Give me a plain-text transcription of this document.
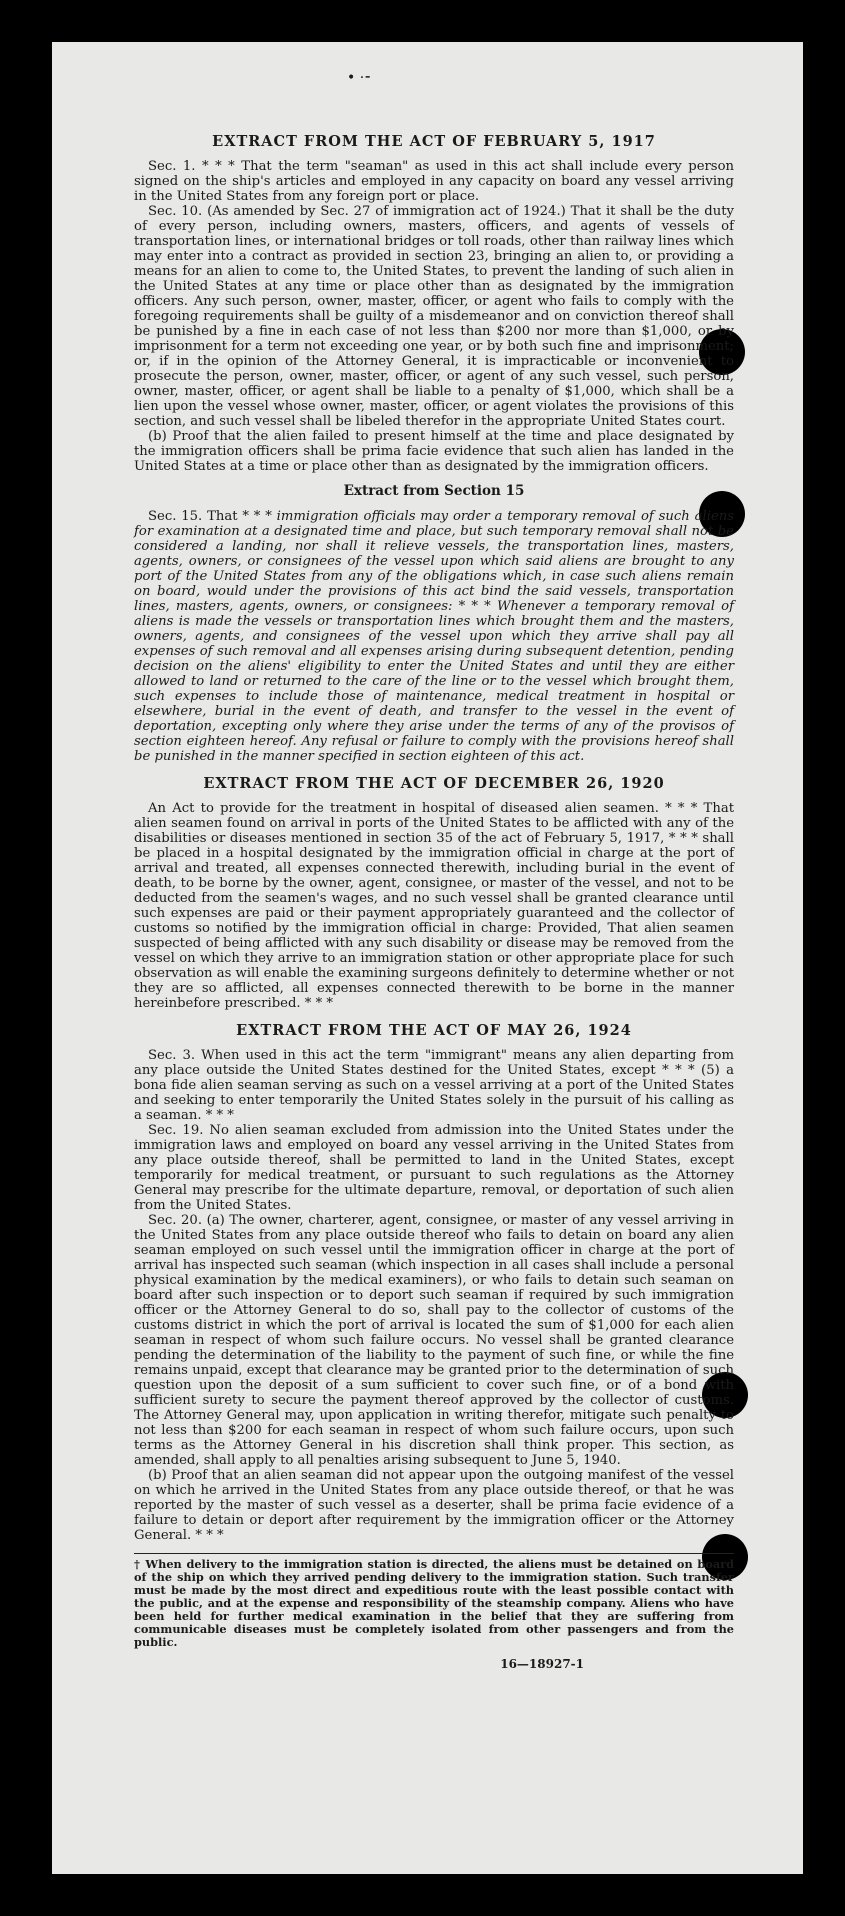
• ·⁃
EXTRACT FROM THE ACT OF FEBRUARY 5, 1917

Sec. 1. * * * That the term "seaman" as used in this act shall include every person signed on the ship's articles and employed in any capacity on board any vessel arriving in the United States from any foreign port or place.

Sec. 10. (As amended by Sec. 27 of immigration act of 1924.) That it shall be the duty of every person, including owners, masters, officers, and agents of vessels of transportation lines, or international bridges or toll roads, other than railway lines which may enter into a contract as provided in section 23, bringing an alien to, or providing a means for an alien to come to, the United States, to prevent the landing of such alien in the United States at any time or place other than as designated by the immigration officers. Any such person, owner, master, officer, or agent who fails to comply with the foregoing requirements shall be guilty of a misdemeanor and on conviction thereof shall be punished by a fine in each case of not less than $200 nor more than $1,000, or by imprisonment for a term not exceeding one year, or by both such fine and imprisonment; or, if in the opinion of the Attorney General, it is impracticable or inconvenient to prosecute the person, owner, master, officer, or agent of any such vessel, such person, owner, master, officer, or agent shall be liable to a penalty of $1,000, which shall be a lien upon the vessel whose owner, master, officer, or agent violates the provisions of this section, and such vessel shall be libeled therefor in the appropriate United States court.

(b) Proof that the alien failed to present himself at the time and place designated by the immigration officers shall be prima facie evidence that such alien has landed in the United States at a time or place other than as designated by the immigration officers.

Extract from Section 15

Sec. 15. That * * * immigration officials may order a temporary removal of such aliens for examination at a designated time and place, but such temporary removal shall not be considered a landing, nor shall it relieve vessels, the transportation lines, masters, agents, owners, or consignees of the vessel upon which said aliens are brought to any port of the United States from any of the obligations which, in case such aliens remain on board, would under the provisions of this act bind the said vessels, transportation lines, masters, agents, owners, or consignees: * * * Whenever a temporary removal of aliens is made the vessels or transportation lines which brought them and the masters, owners, agents, and consignees of the vessel upon which they arrive shall pay all expenses of such removal and all expenses arising during subsequent detention, pending decision on the aliens' eligibility to enter the United States and until they are either allowed to land or returned to the care of the line or to the vessel which brought them, such expenses to include those of maintenance, medical treatment in hospital or elsewhere, burial in the event of death, and transfer to the vessel in the event of deportation, excepting only where they arise under the terms of any of the provisos of section eighteen hereof. Any refusal or failure to comply with the provisions hereof shall be punished in the manner specified in section eighteen of this act.

EXTRACT FROM THE ACT OF DECEMBER 26, 1920

An Act to provide for the treatment in hospital of diseased alien seamen. * * * That alien seamen found on arrival in ports of the United States to be afflicted with any of the disabilities or diseases mentioned in section 35 of the act of February 5, 1917, * * * shall be placed in a hospital designated by the immigration official in charge at the port of arrival and treated, all expenses connected therewith, including burial in the event of death, to be borne by the owner, agent, consignee, or master of the vessel, and not to be deducted from the seamen's wages, and no such vessel shall be granted clearance until such expenses are paid or their payment appropriately guaranteed and the collector of customs so notified by the immigration official in charge: Provided, That alien seamen suspected of being afflicted with any such disability or disease may be removed from the vessel on which they arrive to an immigration station or other appropriate place for such observation as will enable the examining surgeons definitely to determine whether or not they are so afflicted, all expenses connected therewith to be borne in the manner hereinbefore prescribed. * * *

EXTRACT FROM THE ACT OF MAY 26, 1924

Sec. 3. When used in this act the term "immigrant" means any alien departing from any place outside the United States destined for the United States, except * * * (5) a bona fide alien seaman serving as such on a vessel arriving at a port of the United States and seeking to enter temporarily the United States solely in the pursuit of his calling as a seaman. * * *

Sec. 19. No alien seaman excluded from admission into the United States under the immigration laws and employed on board any vessel arriving in the United States from any place outside thereof, shall be permitted to land in the United States, except temporarily for medical treatment, or pursuant to such regulations as the Attorney General may prescribe for the ultimate departure, removal, or deportation of such alien from the United States.

Sec. 20. (a) The owner, charterer, agent, consignee, or master of any vessel arriving in the United States from any place outside thereof who fails to detain on board any alien seaman employed on such vessel until the immigration officer in charge at the port of arrival has inspected such seaman (which inspection in all cases shall include a personal physical examination by the medical examiners), or who fails to detain such seaman on board after such inspection or to deport such seaman if required by such immigration officer or the Attorney General to do so, shall pay to the collector of customs of the customs district in which the port of arrival is located the sum of $1,000 for each alien seaman in respect of whom such failure occurs. No vessel shall be granted clearance pending the determination of the liability to the payment of such fine, or while the fine remains unpaid, except that clearance may be granted prior to the determination of such question upon the deposit of a sum sufficient to cover such fine, or of a bond with sufficient surety to secure the payment thereof approved by the collector of customs. The Attorney General may, upon application in writing therefor, mitigate such penalty to not less than $200 for each seaman in respect of whom such failure occurs, upon such terms as the Attorney General in his discretion shall think proper. This section, as amended, shall apply to all penalties arising subsequent to June 5, 1940.

(b) Proof that an alien seaman did not appear upon the outgoing manifest of the vessel on which he arrived in the United States from any place outside thereof, or that he was reported by the master of such vessel as a deserter, shall be prima facie evidence of a failure to detain or deport after requirement by the immigration officer or the Attorney General. * * *

† When delivery to the immigration station is directed, the aliens must be detained on board of the ship on which they arrived pending delivery to the immigration station. Such transfer must be made by the most direct and expeditious route with the least possible contact with the public, and at the expense and responsibility of the steamship company. Aliens who have been held for further medical examination in the belief that they are suffering from communicable diseases must be completely isolated from other passengers and from the public.
16—18927-1
